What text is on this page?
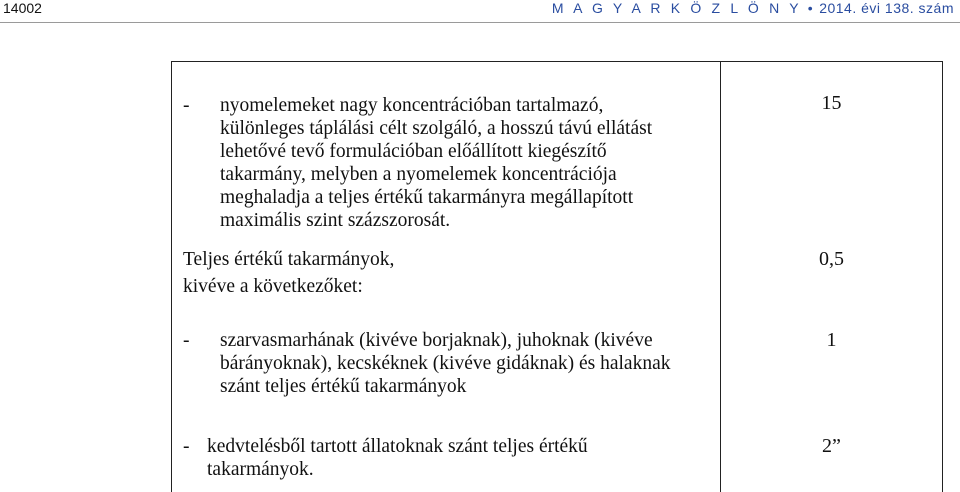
14002	M A G Y A R K Ö Z L Ö N Y • 2014. évi 138. szám
- nyomelemeket nagy koncentrációban tartalmazó,
különleges táplálási célt szolgáló, a hosszú távú ellátást
lehetővé tevő formulációban előállított kiegészítő
takarmány, melyben a nyomelemek koncentrációja
meghaladja a teljes értékű takarmányra megállapított
maximális szint százszorosát.
15
Teljes értékű takarmányok,
kivéve a következőket:
0,5
- szarvasmarhának (kivéve borjaknak), juhoknak (kivéve
bárányoknak), kecskéknek (kivéve gidáknak) és halaknak
szánt teljes értékű takarmányok
1
- kedvtelésből tartott állatoknak szánt teljes értékű
takarmányok.
2”
